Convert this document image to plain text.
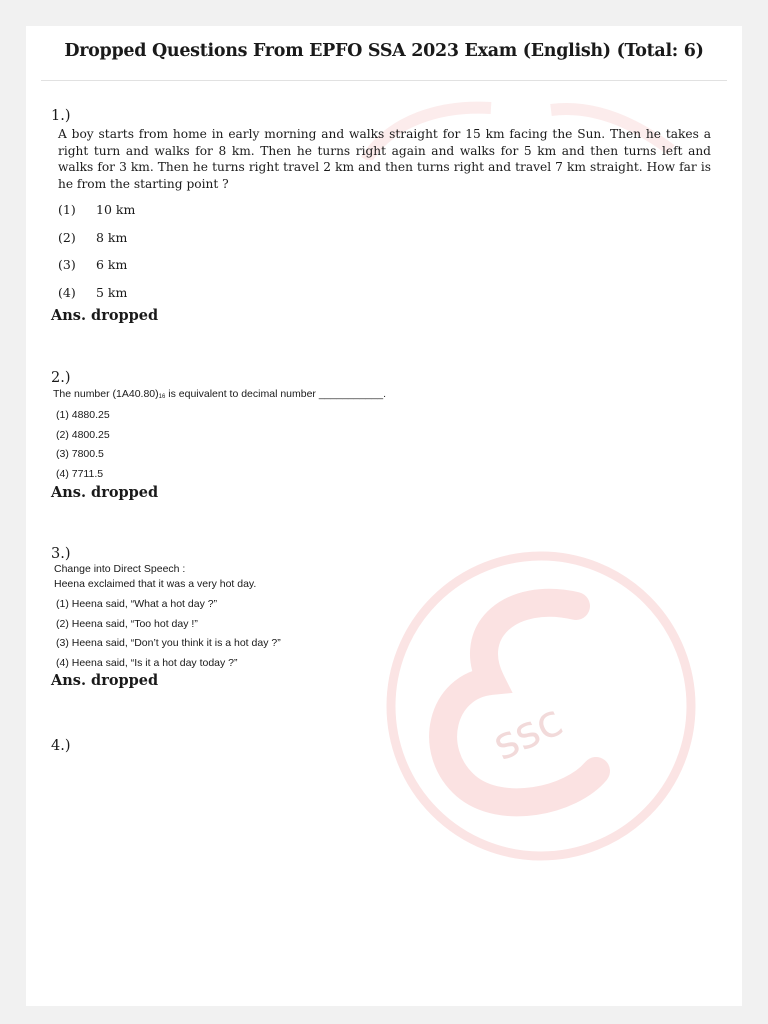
ssc
Dropped Questions From EPFO SSA 2023 Exam (English) (Total: 6)
1.)
A boy starts from home in early morning and walks straight for 15 km facing the Sun. Then he takes a right turn and walks for 8 km. Then he turns right again and walks for 5 km and then turns left and walks for 3 km. Then he turns right travel 2 km and then turns right and travel 7 km straight. How far is he from the starting point ?
(1) 10 km
(2) 8 km
(3) 6 km
(4) 5 km
Ans. dropped
2.)
The number $(1A40.80)_{16}$ is equivalent to decimal number ___________.
(1) 4880.25
(2) 4800.25
(3) 7800.5
(4) 7711.5
Ans. dropped
3.)
Change into Direct Speech :
Heena exclaimed that it was a very hot day.
(1) Heena said, “What a hot day ?”
(2) Heena said, “Too hot day !”
(3) Heena said, “Don’t you think it is a hot day ?”
(4) Heena said, “Is it a hot day today ?”
Ans. dropped
4.)
